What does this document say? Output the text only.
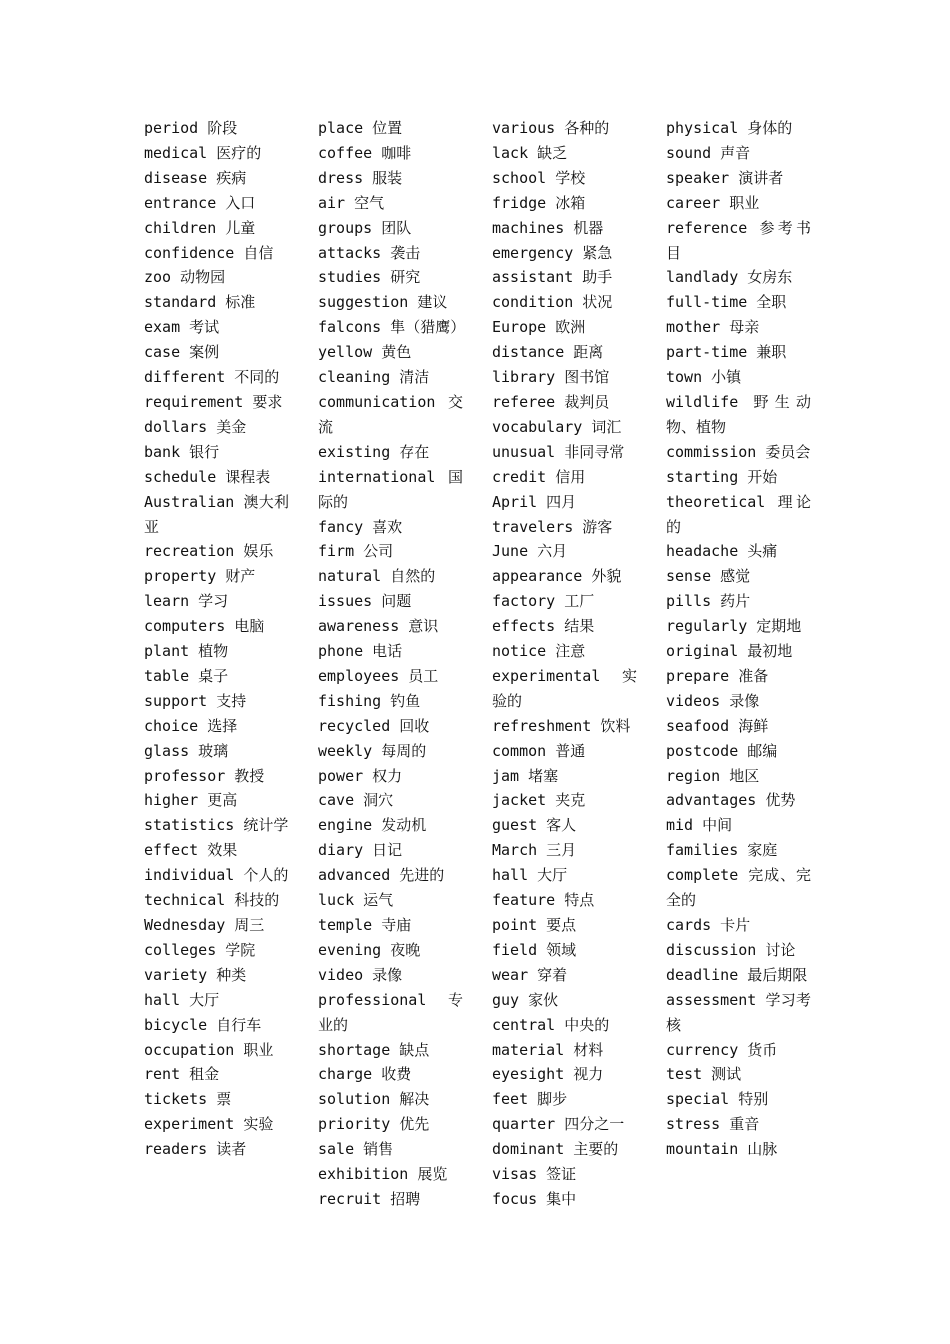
period 阶段
medical 医疗的
disease 疾病
entrance 入口
children 儿童
confidence 自信
zoo 动物园
standard 标准
exam 考试
case 案例
different 不同的
requirement 要求
dollars 美金
bank 银行
schedule 课程表
Australian 澳大利亚
recreation 娱乐
property 财产
learn 学习
computers 电脑
plant 植物
table 桌子
support 支持
choice 选择
glass 玻璃
professor 教授
higher 更高
statistics 统计学
effect 效果
individual 个人的
technical 科技的
Wednesday 周三
colleges 学院
variety 种类
hall 大厅
bicycle 自行车
occupation 职业
rent 租金
tickets 票
experiment 实验
readers 读者
place 位置
coffee 咖啡
dress 服装
air 空气
groups 团队
attacks 袭击
studies 研究
suggestion 建议
falcons 隼（猎鹰）
yellow 黄色
cleaning 清洁
communication 交流
existing 存在
international 国际的
fancy 喜欢
firm 公司
natural 自然的
issues 问题
awareness 意识
phone 电话
employees 员工
fishing 钓鱼
recycled 回收
weekly 每周的
power 权力
cave 洞穴
engine 发动机
diary 日记
advanced 先进的
luck 运气
temple 寺庙
evening 夜晚
video 录像
professional 专业的
shortage 缺点
charge 收费
solution 解决
priority 优先
sale 销售
exhibition 展览
recruit 招聘
various 各种的
lack 缺乏
school 学校
fridge 冰箱
machines 机器
emergency 紧急
assistant 助手
condition 状况
Europe 欧洲
distance 距离
library 图书馆
referee 裁判员
vocabulary 词汇
unusual 非同寻常
credit 信用
April 四月
travelers 游客
June 六月
appearance 外貌
factory 工厂
effects 结果
notice 注意
experimental 实验的
refreshment 饮料
common 普通
jam 堵塞
jacket 夹克
guest 客人
March 三月
hall 大厅
feature 特点
point 要点
field 领域
wear 穿着
guy 家伙
central 中央的
material 材料
eyesight 视力
feet 脚步
quarter 四分之一
dominant 主要的
visas 签证
focus 集中
physical 身体的
sound 声音
speaker 演讲者
career 职业
reference 参考书目
landlady 女房东
full-time 全职
mother 母亲
part-time 兼职
town 小镇
wildlife 野生动物、植物
commission 委员会
starting 开始
theoretical 理论的
headache 头痛
sense 感觉
pills 药片
regularly 定期地
original 最初地
prepare 准备
videos 录像
seafood 海鲜
postcode 邮编
region 地区
advantages 优势
mid 中间
families 家庭
complete 完成、完全的
cards 卡片
discussion 讨论
deadline 最后期限
assessment 学习考核
currency 货币
test 测试
special 特别
stress 重音
mountain 山脉
